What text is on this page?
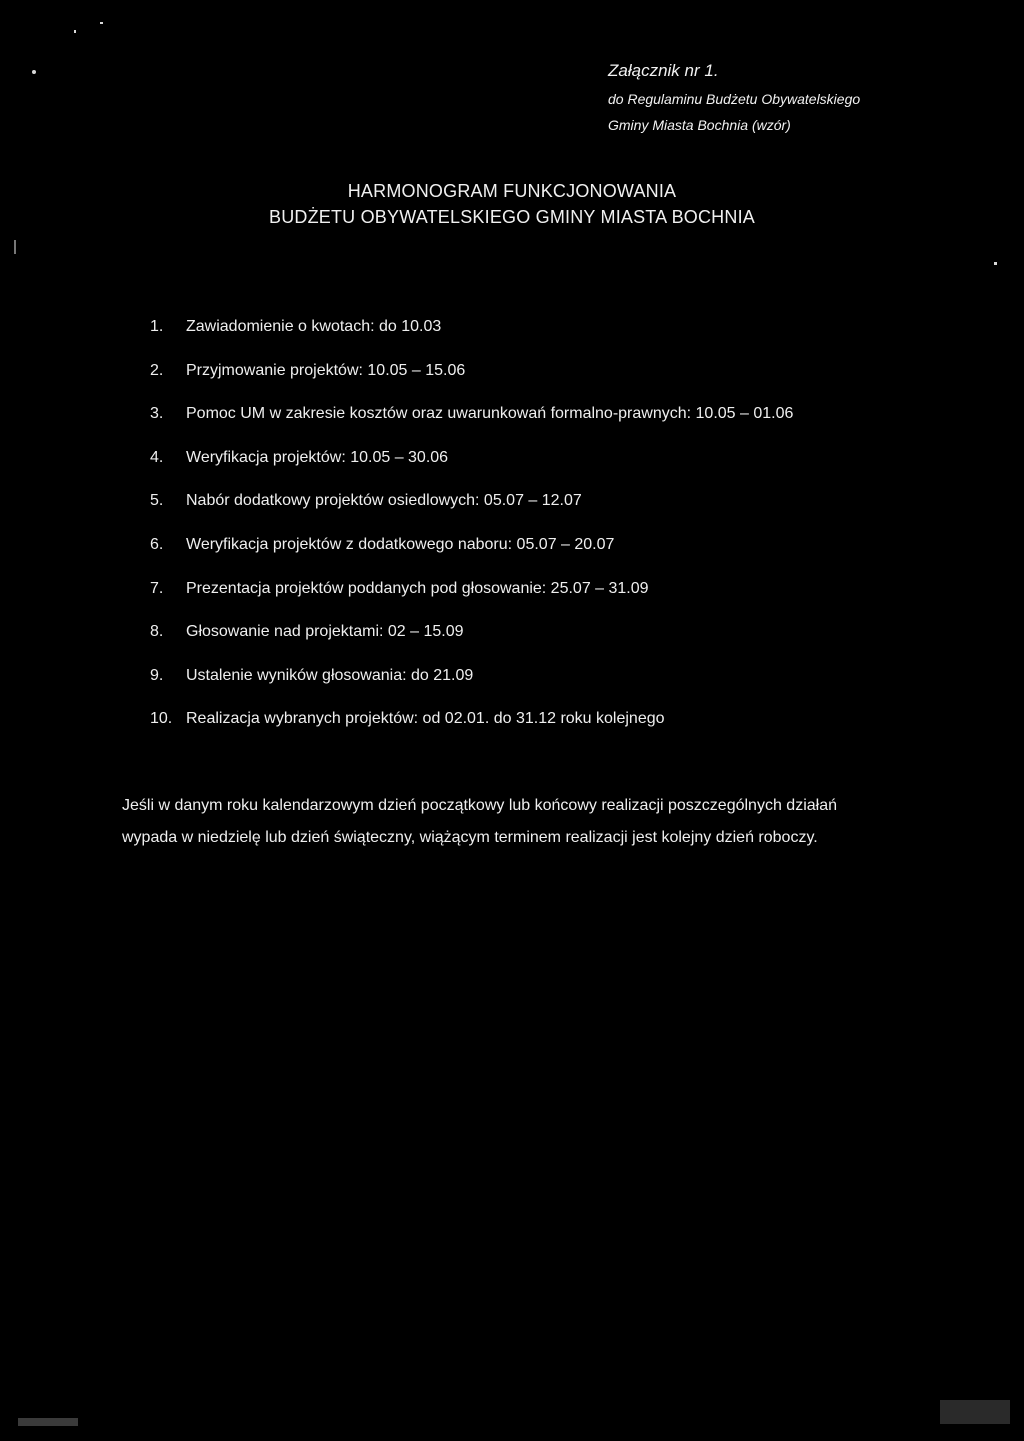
Załącznik nr 1.

do Regulaminu Budżetu Obywatelskiego

Gminy Miasta Bochnia (wzór)

HARMONOGRAM FUNKCJONOWANIA
BUDŻETU OBYWATELSKIEGO GMINY MIASTA BOCHNIA
1. Zawiadomienie o kwotach: do 10.03
2. Przyjmowanie projektów: 10.05 – 15.06
3. Pomoc UM w zakresie kosztów oraz uwarunkowań formalno-prawnych: 10.05 – 01.06
4. Weryfikacja projektów: 10.05 – 30.06
5. Nabór dodatkowy projektów osiedlowych: 05.07 – 12.07
6. Weryfikacja projektów z dodatkowego naboru: 05.07 – 20.07
7. Prezentacja projektów poddanych pod głosowanie: 25.07 – 31.09
8. Głosowanie nad projektami: 02 – 15.09
9. Ustalenie wyników głosowania: do 21.09
10. Realizacja wybranych projektów: od 02.01. do 31.12 roku kolejnego

Jeśli w danym roku kalendarzowym dzień początkowy lub końcowy realizacji poszczególnych działań

wypada w niedzielę lub dzień świąteczny, wiążącym terminem realizacji jest kolejny dzień roboczy.
